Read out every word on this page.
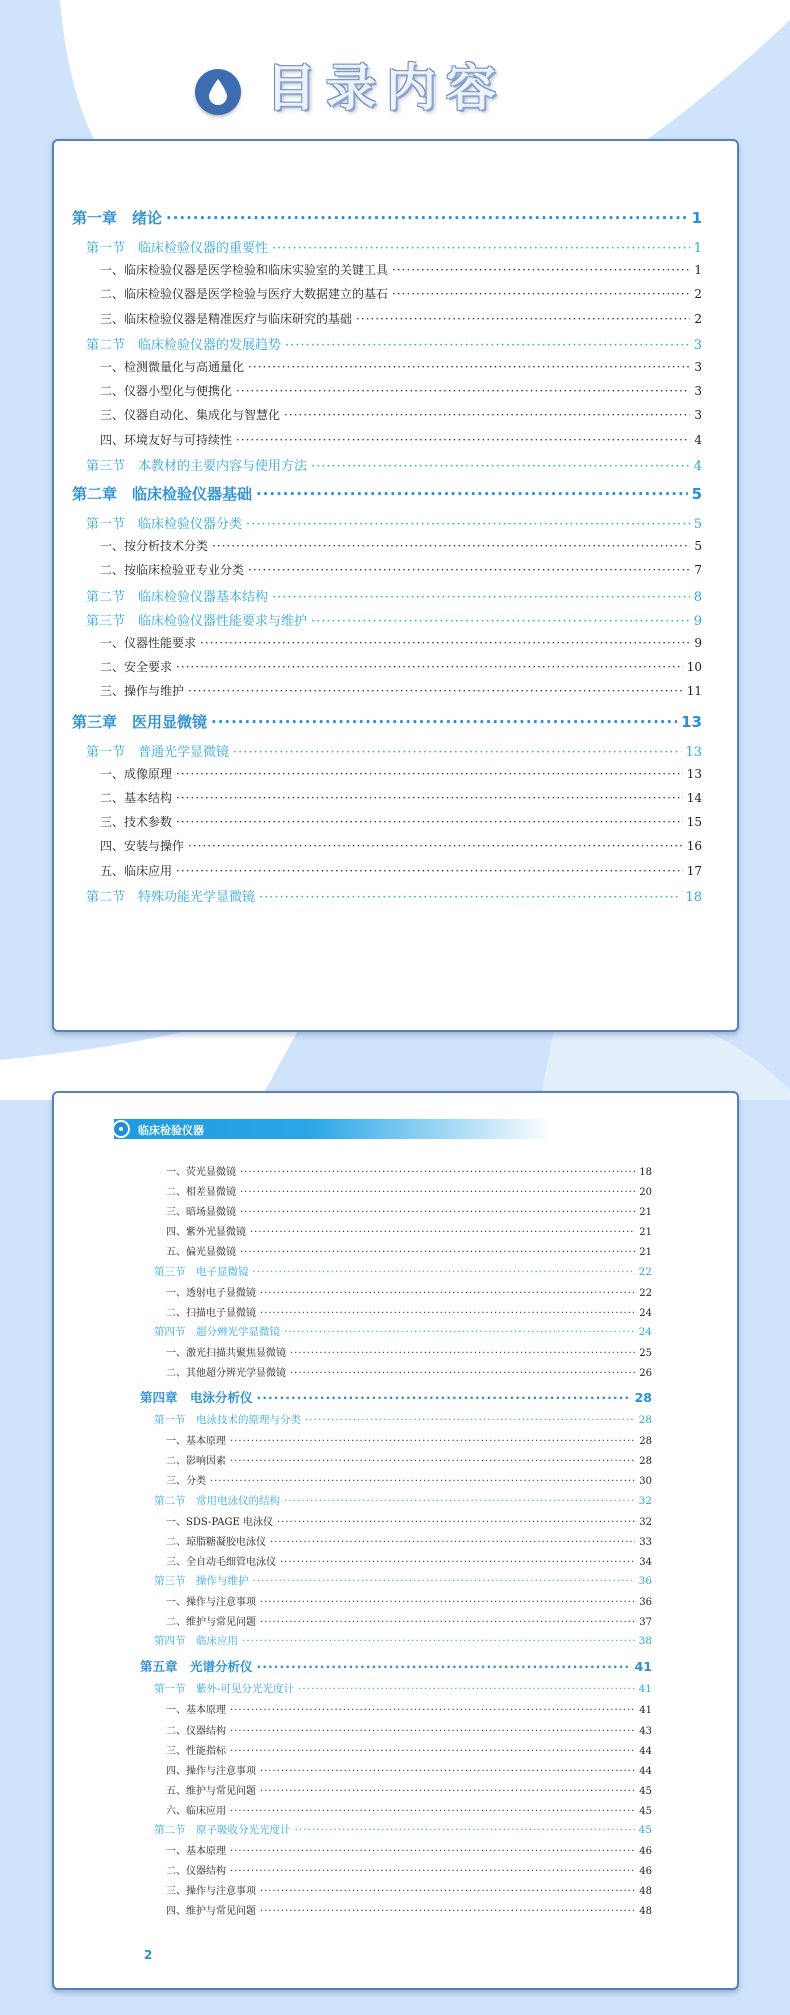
目录内容
第一章　绪论 ·····	1
第一节　临床检验仪器的重要性 ·····	1
一、临床检验仪器是医学检验和临床实验室的关键工具 ·····	1
二、临床检验仪器是医学检验与医疗大数据建立的基石 ·····	2
三、临床检验仪器是精准医疗与临床研究的基础 ·····	2
第二节　临床检验仪器的发展趋势 ·····	3
一、检测微量化与高通量化 ·····	3
二、仪器小型化与便携化 ·····	3
三、仪器自动化、集成化与智慧化 ·····	3
四、环境友好与可持续性 ·····	4
第三节　本教材的主要内容与使用方法 ·····	4
第二章　临床检验仪器基础 ·····	5
第一节　临床检验仪器分类 ·····	5
一、按分析技术分类 ·····	5
二、按临床检验亚专业分类 ·····	7
第二节　临床检验仪器基本结构 ·····	8
第三节　临床检验仪器性能要求与维护 ·····	9
一、仪器性能要求 ·····	9
二、安全要求 ·····	10
三、操作与维护 ·····	11
第三章　医用显微镜 ·····	13
第一节　普通光学显微镜 ·····	13
一、成像原理 ·····	13
二、基本结构 ·····	14
三、技术参数 ·····	15
四、安装与操作 ·····	16
五、临床应用 ·····	17
第二节　特殊功能光学显微镜 ·····	18
临床检验仪器
2
一、荧光显微镜 ·····	18
二、相差显微镜 ·····	20
三、暗场显微镜 ·····	21
四、紫外光显微镜 ·····	21
五、偏光显微镜 ·····	21
第三节　电子显微镜 ·····	22
一、透射电子显微镜 ·····	22
二、扫描电子显微镜 ·····	24
第四节　超分辨光学显微镜 ·····	24
一、激光扫描共聚焦显微镜 ·····	25
二、其他超分辨光学显微镜 ·····	26
第四章　电泳分析仪 ·····	28
第一节　电泳技术的原理与分类 ·····	28
一、基本原理 ·····	28
二、影响因素 ·····	28
三、分类 ·····	30
第二节　常用电泳仪的结构 ·····	32
一、SDS-PAGE 电泳仪 ·····	32
二、琼脂糖凝胶电泳仪 ·····	33
三、全自动毛细管电泳仪 ·····	34
第三节　操作与维护 ·····	36
一、操作与注意事项 ·····	36
二、维护与常见问题 ·····	37
第四节　临床应用 ·····	38
第五章　光谱分析仪 ·····	41
第一节　紫外-可见分光光度计 ·····	41
一、基本原理 ·····	41
二、仪器结构 ·····	43
三、性能指标 ·····	44
四、操作与注意事项 ·····	44
五、维护与常见问题 ·····	45
六、临床应用 ·····	45
第二节　原子吸收分光光度计 ·····	45
一、基本原理 ·····	46
二、仪器结构 ·····	46
三、操作与注意事项 ·····	48
四、维护与常见问题 ·····	48
